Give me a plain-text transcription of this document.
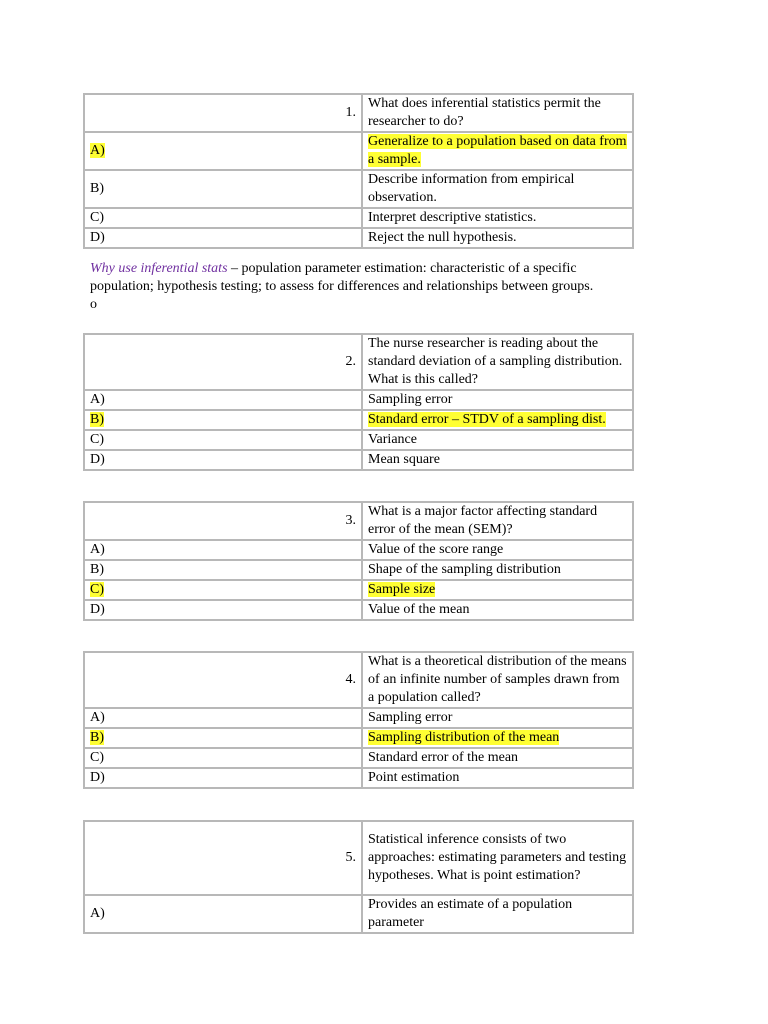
1.	What does inferential statistics permit the researcher to do?
A)	Generalize to a population based on data from a sample.
B)	Describe information from empirical observation.
C)	Interpret descriptive statistics.
D)	Reject the null hypothesis.
Why use inferential stats – population parameter estimation: characteristic of a specific population; hypothesis testing; to assess for differences and relationships between groups.
o
2.	The nurse researcher is reading about the standard deviation of a sampling distribution. What is this called?
A)	Sampling error
B)	Standard error – STDV of a sampling dist.
C)	Variance
D)	Mean square
3.	What is a major factor affecting standard error of the mean (SEM)?
A)	Value of the score range
B)	Shape of the sampling distribution
C)	Sample size
D)	Value of the mean
4.	What is a theoretical distribution of the means of an infinite number of samples drawn from a population called?
A)	Sampling error
B)	Sampling distribution of the mean
C)	Standard error of the mean
D)	Point estimation
5.	Statistical inference consists of two approaches: estimating parameters and testing hypotheses. What is point estimation?
A)	Provides an estimate of a population parameter
